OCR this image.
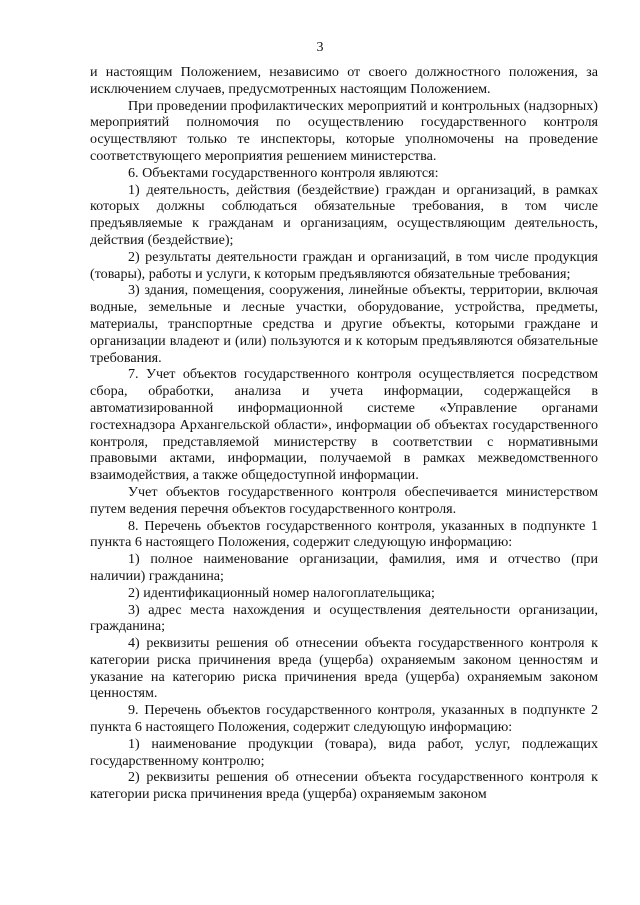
3

и настоящим Положением, независимо от своего должностного положения, за исключением случаев, предусмотренных настоящим Положением.

При проведении профилактических мероприятий и контрольных (надзорных) мероприятий полномочия по осуществлению государственного контроля осуществляют только те инспекторы, которые уполномочены на проведение соответствующего мероприятия решением министерства.

6. Объектами государственного контроля являются:

1) деятельность, действия (бездействие) граждан и организаций, в рамках которых должны соблюдаться обязательные требования, в том числе предъявляемые к гражданам и организациям, осуществляющим деятельность, действия (бездействие);

2) результаты деятельности граждан и организаций, в том числе продукция (товары), работы и услуги, к которым предъявляются обязательные требования;

3) здания, помещения, сооружения, линейные объекты, территории, включая водные, земельные и лесные участки, оборудование, устройства, предметы, материалы, транспортные средства и другие объекты, которыми граждане и организации владеют и (или) пользуются и к которым предъявляются обязательные требования.

7. Учет объектов государственного контроля осуществляется посредством сбора, обработки, анализа и учета информации, содержащейся в автоматизированной информационной системе «Управление органами гостехнадзора Архангельской области», информации об объектах государственного контроля, представляемой министерству в соответствии с нормативными правовыми актами, информации, получаемой в рамках межведомственного взаимодействия, а также общедоступной информации.

Учет объектов государственного контроля обеспечивается министерством путем ведения перечня объектов государственного контроля.

8. Перечень объектов государственного контроля, указанных в подпункте 1 пункта 6 настоящего Положения, содержит следующую информацию:

1) полное наименование организации, фамилия, имя и отчество (при наличии) гражданина;

2) идентификационный номер налогоплательщика;

3) адрес места нахождения и осуществления деятельности организации, гражданина;

4) реквизиты решения об отнесении объекта государственного контроля к категории риска причинения вреда (ущерба) охраняемым законом ценностям и указание на категорию риска причинения вреда (ущерба) охраняемым законом ценностям.

9. Перечень объектов государственного контроля, указанных в подпункте 2 пункта 6 настоящего Положения, содержит следующую информацию:

1) наименование продукции (товара), вида работ, услуг, подлежащих государственному контролю;

2) реквизиты решения об отнесении объекта государственного контроля к категории риска причинения вреда (ущерба) охраняемым законом
